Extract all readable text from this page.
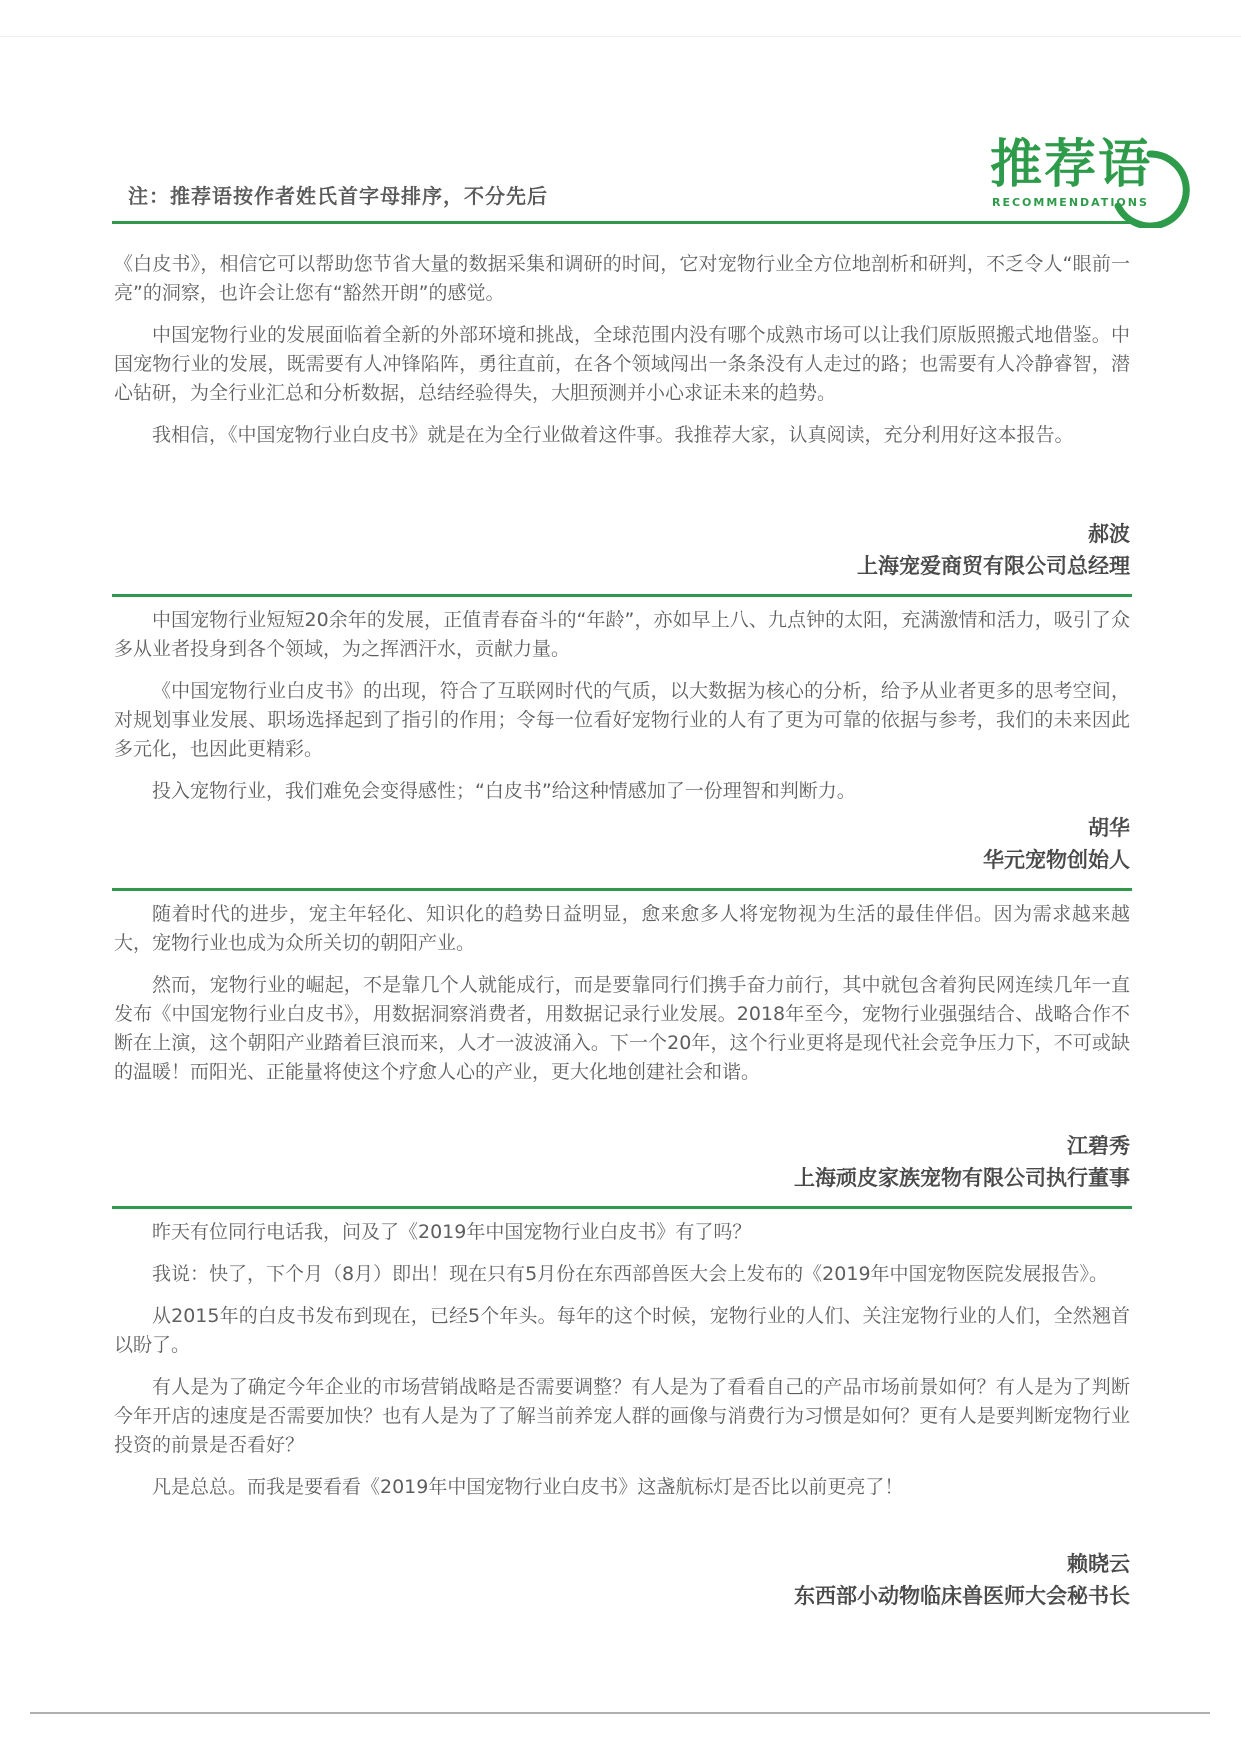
注：推荐语按作者姓氏首字母排序，不分先后
推荐语
RECOMMENDATIONS

《白皮书》，相信它可以帮助您节省大量的数据采集和调研的时间，它对宠物行业全方位地剖析和研判，不乏令人“眼前一亮”的洞察，也许会让您有“豁然开朗”的感觉。

中国宠物行业的发展面临着全新的外部环境和挑战，全球范围内没有哪个成熟市场可以让我们原版照搬式地借鉴。中国宠物行业的发展，既需要有人冲锋陷阵，勇往直前，在各个领域闯出一条条没有人走过的路；也需要有人冷静睿智，潜心钻研，为全行业汇总和分析数据，总结经验得失，大胆预测并小心求证未来的趋势。

我相信，《中国宠物行业白皮书》就是在为全行业做着这件事。我推荐大家，认真阅读，充分利用好这本报告。

郝波
上海宠爱商贸有限公司总经理

中国宠物行业短短20余年的发展，正值青春奋斗的“年龄”，亦如早上八、九点钟的太阳，充满激情和活力，吸引了众多从业者投身到各个领域，为之挥洒汗水，贡献力量。

《中国宠物行业白皮书》的出现，符合了互联网时代的气质，以大数据为核心的分析，给予从业者更多的思考空间，对规划事业发展、职场选择起到了指引的作用；令每一位看好宠物行业的人有了更为可靠的依据与参考，我们的未来因此多元化，也因此更精彩。

投入宠物行业，我们难免会变得感性；“白皮书”给这种情感加了一份理智和判断力。

胡华
华元宠物创始人

随着时代的进步，宠主年轻化、知识化的趋势日益明显，愈来愈多人将宠物视为生活的最佳伴侣。因为需求越来越大，宠物行业也成为众所关切的朝阳产业。

然而，宠物行业的崛起，不是靠几个人就能成行，而是要靠同行们携手奋力前行，其中就包含着狗民网连续几年一直发布《中国宠物行业白皮书》，用数据洞察消费者，用数据记录行业发展。2018年至今，宠物行业强强结合、战略合作不断在上演，这个朝阳产业踏着巨浪而来，人才一波波涌入。下一个20年，这个行业更将是现代社会竞争压力下，不可或缺的温暖！而阳光、正能量将使这个疗愈人心的产业，更大化地创建社会和谐。

江碧秀
上海顽皮家族宠物有限公司执行董事

昨天有位同行电话我，问及了《2019年中国宠物行业白皮书》有了吗？

我说：快了，下个月（8月）即出！现在只有5月份在东西部兽医大会上发布的《2019年中国宠物医院发展报告》。

从2015年的白皮书发布到现在，已经5个年头。每年的这个时候，宠物行业的人们、关注宠物行业的人们，全然翘首以盼了。

有人是为了确定今年企业的市场营销战略是否需要调整？有人是为了看看自己的产品市场前景如何？有人是为了判断今年开店的速度是否需要加快？也有人是为了了解当前养宠人群的画像与消费行为习惯是如何？更有人是要判断宠物行业投资的前景是否看好？

凡是总总。而我是要看看《2019年中国宠物行业白皮书》这盏航标灯是否比以前更亮了！

赖晓云
东西部小动物临床兽医师大会秘书长
